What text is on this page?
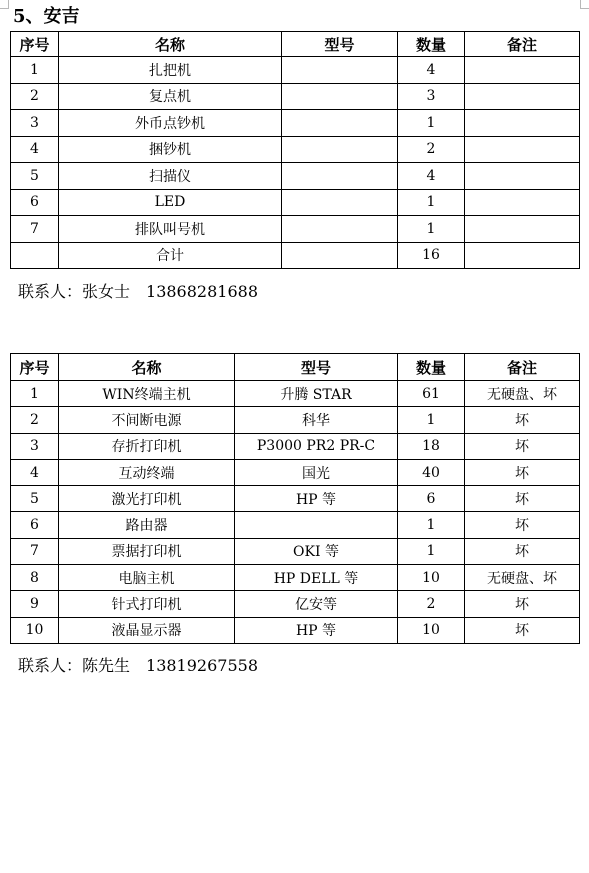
5、安吉
序号	名称	型号	数量	备注
1	扎把机		4	
2	复点机		3	
3	外币点钞机		1	
4	捆钞机		2	
5	扫描仪		4	
6	LED		1	
7	排队叫号机		1	
	合计		16	
联系人：张女士 13868281688
序号	名称	型号	数量	备注
1	WIN终端主机	升腾 STAR	61	无硬盘、坏
2	不间断电源	科华	1	坏
3	存折打印机	P3000 PR2 PR-C	18	坏
4	互动终端	国光	40	坏
5	激光打印机	HP 等	6	坏
6	路由器		1	坏
7	票据打印机	OKI 等	1	坏
8	电脑主机	HP DELL 等	10	无硬盘、坏
9	针式打印机	亿安等	2	坏
10	液晶显示器	HP 等	10	坏
联系人：陈先生 13819267558
